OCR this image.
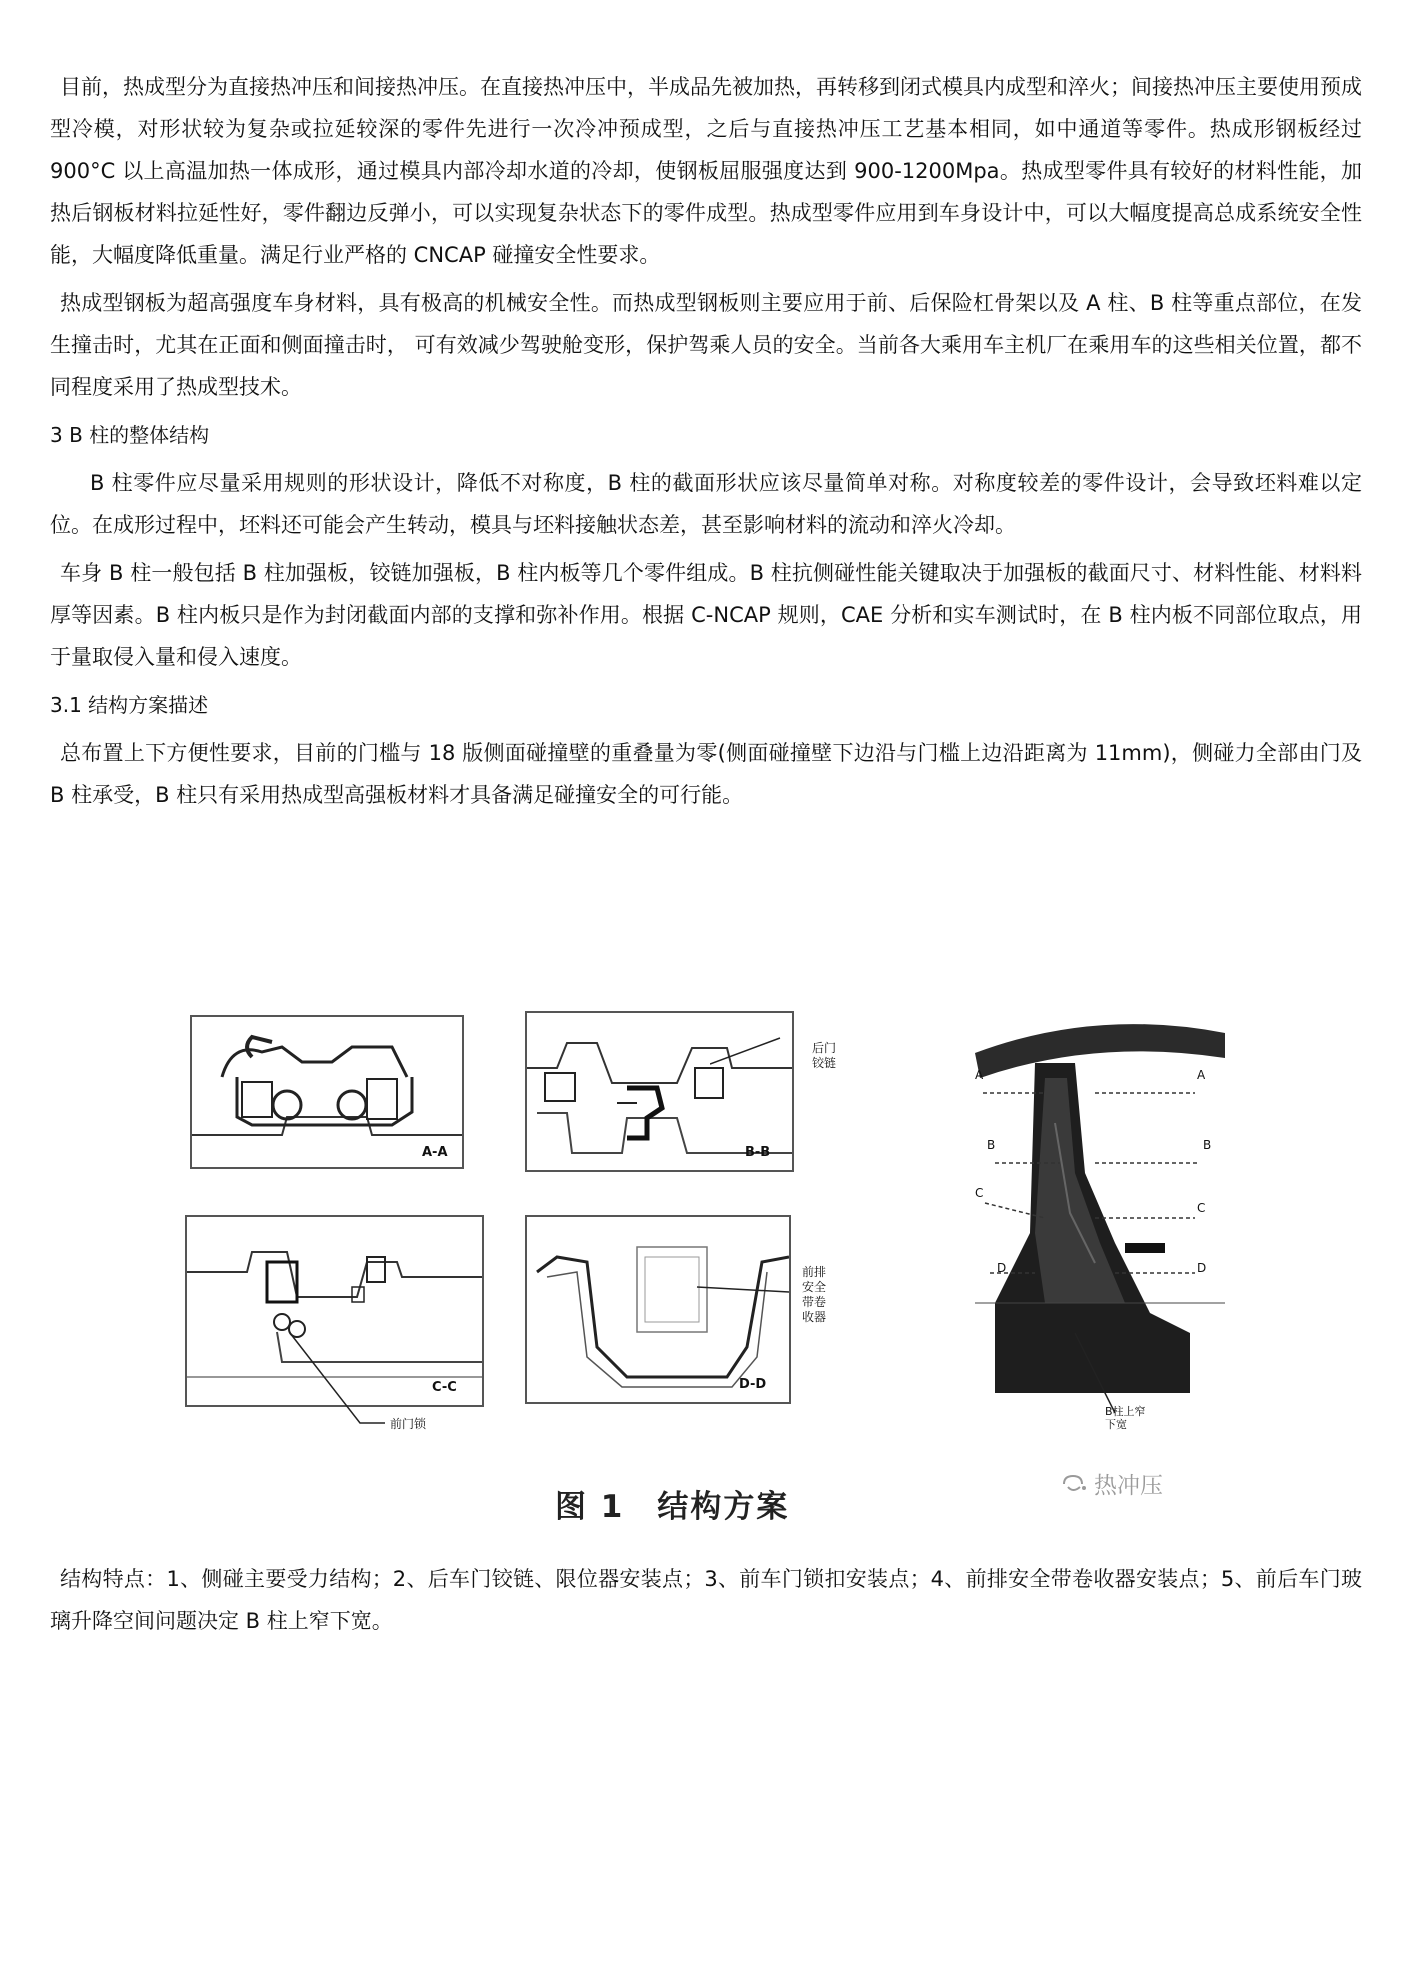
目前，热成型分为直接热冲压和间接热冲压。在直接热冲压中，半成品先被加热，再转移到闭式模具内成型和淬火；间接热冲压主要使用预成型冷模，对形状较为复杂或拉延较深的零件先进行一次冷冲预成型，之后与直接热冲压工艺基本相同，如中通道等零件。热成形钢板经过 900°C 以上高温加热一体成形，通过模具内部冷却水道的冷却，使钢板屈服强度达到 900-1200Mpa。热成型零件具有较好的材料性能，加热后钢板材料拉延性好，零件翻边反弹小，可以实现复杂状态下的零件成型。热成型零件应用到车身设计中，可以大幅度提高总成系统安全性能，大幅度降低重量。满足行业严格的 CNCAP 碰撞安全性要求。

热成型钢板为超高强度车身材料，具有极高的机械安全性。而热成型钢板则主要应用于前、后保险杠骨架以及 A 柱、B 柱等重点部位，在发生撞击时，尤其在正面和侧面撞击时， 可有效减少驾驶舱变形，保护驾乘人员的安全。当前各大乘用车主机厂在乘用车的这些相关位置，都不同程度采用了热成型技术。

3 B 柱的整体结构

B 柱零件应尽量采用规则的形状设计，降低不对称度，B 柱的截面形状应该尽量简单对称。对称度较差的零件设计，会导致坯料难以定位。在成形过程中，坯料还可能会产生转动，模具与坯料接触状态差，甚至影响材料的流动和淬火冷却。

车身 B 柱一般包括 B 柱加强板，铰链加强板，B 柱内板等几个零件组成。B 柱抗侧碰性能关键取决于加强板的截面尺寸、材料性能、材料料厚等因素。B 柱内板只是作为封闭截面内部的支撑和弥补作用。根据 C-NCAP 规则，CAE 分析和实车测试时，在 B 柱内板不同部位取点，用于量取侵入量和侵入速度。

3.1 结构方案描述

总布置上下方便性要求，目前的门槛与 18 版侧面碰撞壁的重叠量为零(侧面碰撞壁下边沿与门槛上边沿距离为 11mm)，侧碰力全部由门及 B 柱承受，B 柱只有采用热成型高强板材料才具备满足碰撞安全的可行能。

A-A	B-B
后门
铰链
C-C
前门锁
D-D
前排
安全
带卷
收器
A	A
B	B
C
C
D	D
B柱上窄
下宽
图 1　结构方案
热冲压

结构特点：1、侧碰主要受力结构；2、后车门铰链、限位器安装点；3、前车门锁扣安装点；4、前排安全带卷收器安装点；5、前后车门玻璃升降空间问题决定 B 柱上窄下宽。
